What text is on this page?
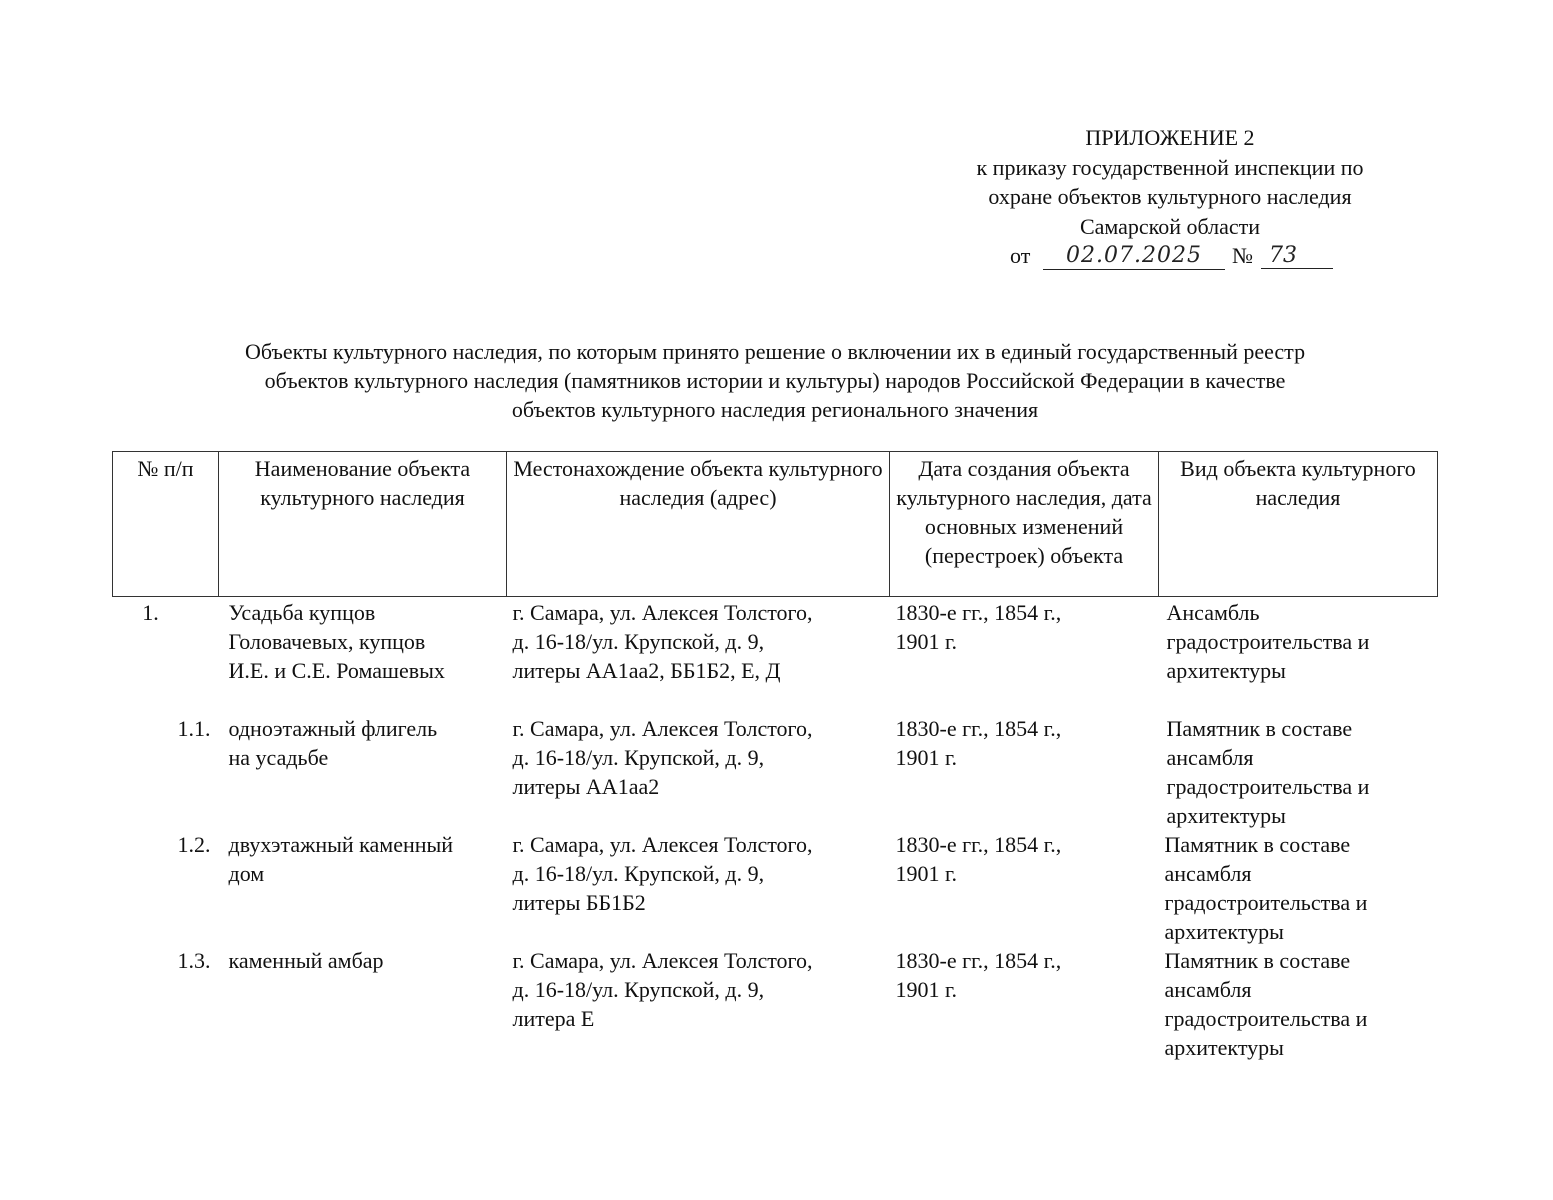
ПРИЛОЖЕНИЕ 2
к приказу государственной инспекции по
охране объектов культурного наследия
Самарской области
от	02.07.2025	№ 73
Объекты культурного наследия, по которым принято решение о включении их в единый государственный реестр
объектов культурного наследия (памятников истории и культуры) народов Российской Федерации в качестве
объектов культурного наследия регионального значения
№ п/п	Наименование объекта культурного наследия	Местонахождение объекта культурного наследия (адрес)	Дата создания объекта культурного наследия, дата основных изменений (перестроек) объекта	Вид объекта культурного наследия
1.	Усадьба купцов
Головачевых, купцов
И.Е. и С.Е. Ромашевых	г. Самара, ул. Алексея Толстого,
д. 16-18/ул. Крупской, д. 9,
литеры АА1аа2, ББ1Б2, Е, Д	1830-е гг., 1854 г.,
1901 г.	Ансамбль
градостроительства и
архитектуры

1.1.	одноэтажный флигель
на усадьбе	г. Самара, ул. Алексея Толстого,
д. 16-18/ул. Крупской, д. 9,
литеры АА1аа2	1830-е гг., 1854 г.,
1901 г.	Памятник в составе
ансамбля
градостроительства и
архитектуры

1.2.	двухэтажный каменный
дом	г. Самара, ул. Алексея Толстого,
д. 16-18/ул. Крупской, д. 9,
литеры ББ1Б2	1830-е гг., 1854 г.,
1901 г.	Памятник в составе
ансамбля
градостроительства и
архитектуры

1.3.	каменный амбар	г. Самара, ул. Алексея Толстого,
д. 16-18/ул. Крупской, д. 9,
литера Е	1830-е гг., 1854 г.,
1901 г.	Памятник в составе
ансамбля
градостроительства и
архитектуры
